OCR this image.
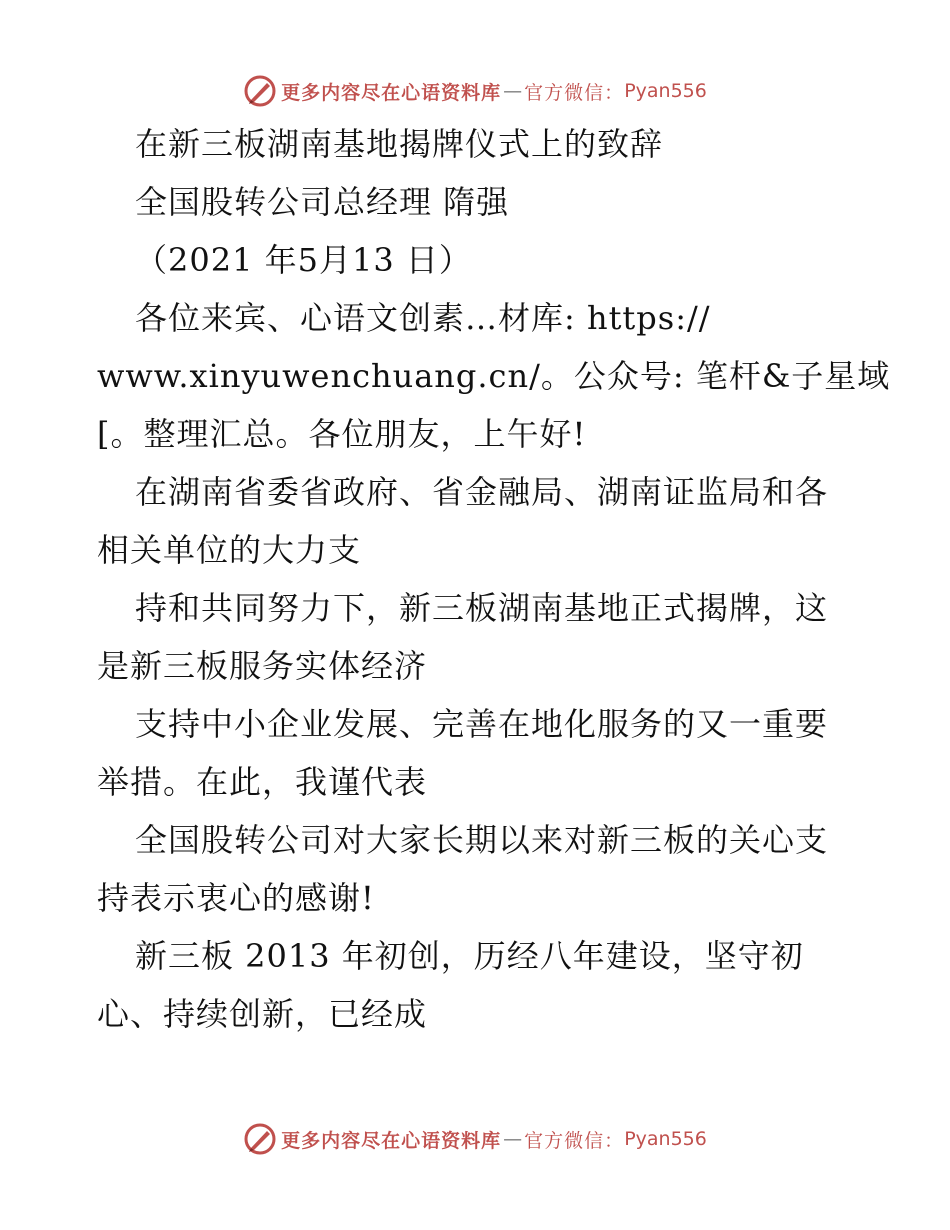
更多内容尽在心语资料库 — 官方微信： Pyan556
在新三板湖南基地揭牌仪式上的致辞
全国股转公司总经理 隋强
（2021 年5月13 日）
各位来宾、心语文创素…材库: https://
www.xinyuwenchuang.cn/。公众号: 笔杆&子星域
[。整理汇总。各位朋友，上午好!
在湖南省委省政府、省金融局、湖南证监局和各
相关单位的大力支
持和共同努力下，新三板湖南基地正式揭牌，这
是新三板服务实体经济
支持中小企业发展、完善在地化服务的又一重要
举措。在此，我谨代表
全国股转公司对大家长期以来对新三板的关心支
持表示衷心的感谢!
新三板 2013 年初创，历经八年建设，坚守初
心、持续创新，已经成
更多内容尽在心语资料库 — 官方微信： Pyan556
